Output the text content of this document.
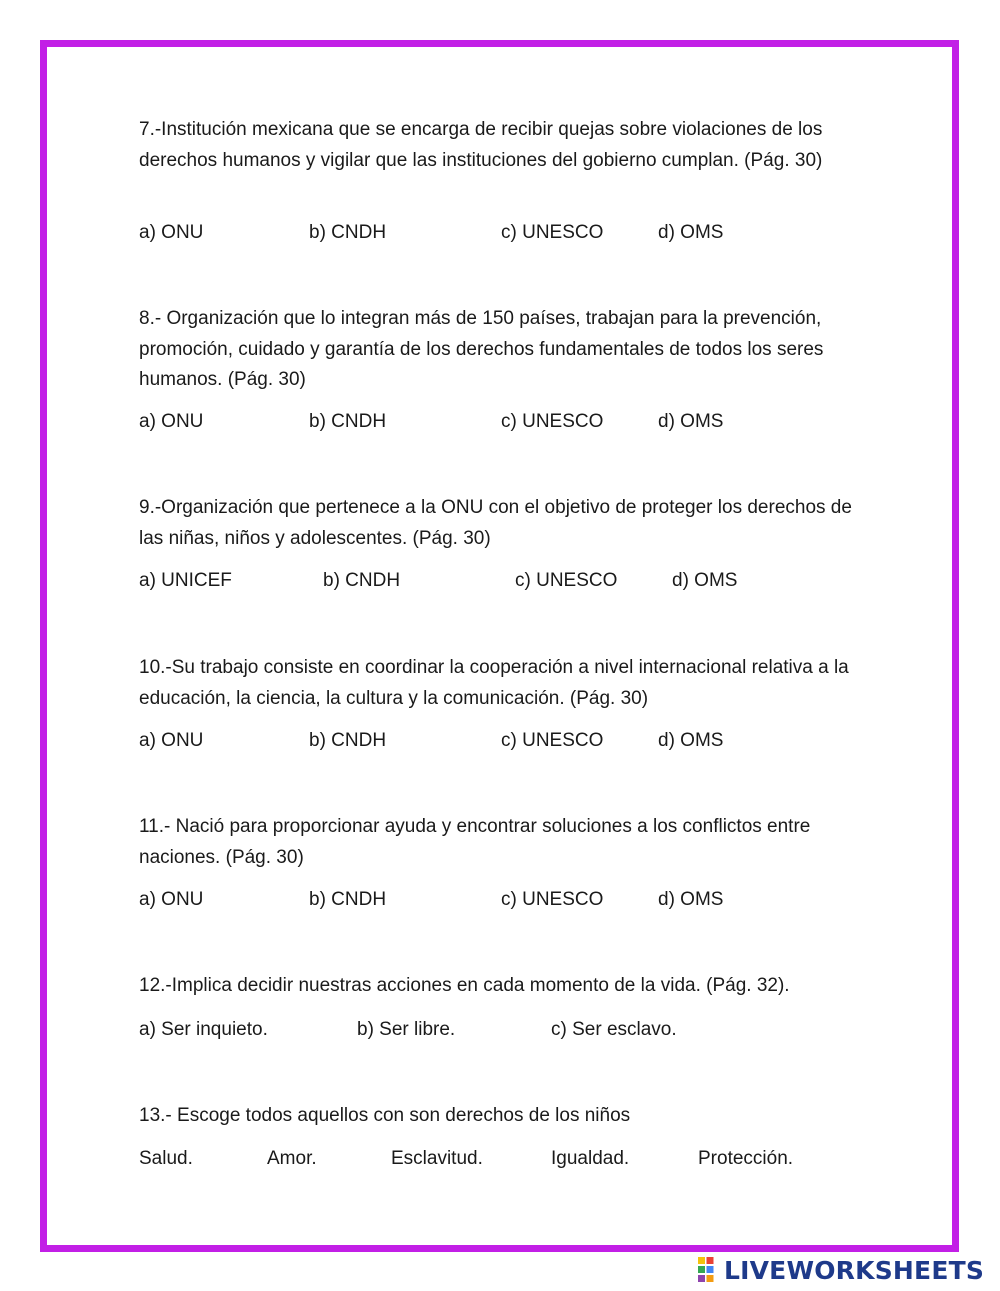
7.-Institución mexicana que se encarga de recibir quejas sobre violaciones de los derechos humanos y vigilar que las instituciones del gobierno cumplan. (Pág. 30)

a) ONU	b) CNDH	c) UNESCO	d) OMS

8.- Organización que lo integran más de 150 países, trabajan para la prevención, promoción, cuidado y garantía de los derechos fundamentales de todos los seres humanos. (Pág. 30)

a) ONU	b) CNDH	c) UNESCO	d) OMS

9.-Organización que pertenece a la ONU con el objetivo de proteger los derechos de las niñas, niños y adolescentes. (Pág. 30)

a) UNICEF	b) CNDH	c) UNESCO	d) OMS

10.-Su trabajo consiste en coordinar la cooperación a nivel internacional relativa a la educación, la ciencia, la cultura y la comunicación. (Pág. 30)

a) ONU	b) CNDH	c) UNESCO	d) OMS

11.- Nació para proporcionar ayuda y encontrar soluciones a los conflictos entre naciones. (Pág. 30)

a) ONU	b) CNDH	c) UNESCO	d) OMS

12.-Implica decidir nuestras acciones en cada momento de la vida. (Pág. 32).

a) Ser inquieto.	b) Ser libre.	c) Ser esclavo.

13.- Escoge todos aquellos con son derechos de los niños

Salud.	Amor.	Esclavitud.	Igualdad.	Protección.
LIVEWORKSHEETS
